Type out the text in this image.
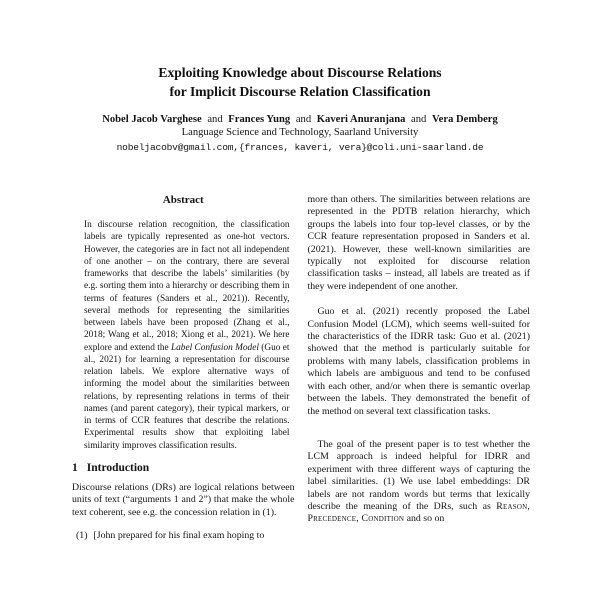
Exploiting Knowledge about Discourse Relations
for Implicit Discourse Relation Classification
Nobel Jacob Varghese and Frances Yung and Kaveri Anuranjana and Vera Demberg
Language Science and Technology, Saarland University
nobeljacobv@gmail.com,{frances, kaveri, vera}@coli.uni-saarland.de
Abstract

In discourse relation recognition, the classification labels are typically represented as one-hot vectors. However, the categories are in fact not all independent of one another – on the contrary, there are several frameworks that describe the labels’ similarities (by e.g. sorting them into a hierarchy or describing them in terms of features (Sanders et al., 2021)). Recently, several methods for representing the similarities between labels have been proposed (Zhang et al., 2018; Wang et al., 2018; Xiong et al., 2021). We here explore and extend the Label Confusion Model (Guo et al., 2021) for learning a representation for discourse relation labels. We explore alternative ways of informing the model about the similarities between relations, by representing relations in terms of their names (and parent category), their typical markers, or in terms of CCR features that describe the relations. Experimental results show that exploiting label similarity improves classification results.

1 Introduction

Discourse relations (DRs) are logical relations between units of text (“arguments 1 and 2”) that make the whole text coherent, see e.g. the concession relation in (1).

(1) [John prepared for his final exam hoping to

more than others. The similarities between relations are represented in the PDTB relation hierarchy, which groups the labels into four top-level classes, or by the CCR feature representation proposed in Sanders et al. (2021). However, these well-known similarities are typically not exploited for discourse relation classification tasks – instead, all labels are treated as if they were independent of one another.

Guo et al. (2021) recently proposed the Label Confusion Model (LCM), which seems well-suited for the characteristics of the IDRR task: Guo et al. (2021) showed that the method is particularly suitable for problems with many labels, classification problems in which labels are ambiguous and tend to be confused with each other, and/or when there is semantic overlap between the labels. They demonstrated the benefit of the method on several text classification tasks.

The goal of the present paper is to test whether the LCM approach is indeed helpful for IDRR and experiment with three different ways of capturing the label similarities. (1) We use label embeddings: DR labels are not random words but terms that lexically describe the meaning of the DRs, such as Reason, Precedence, Condition and so on
